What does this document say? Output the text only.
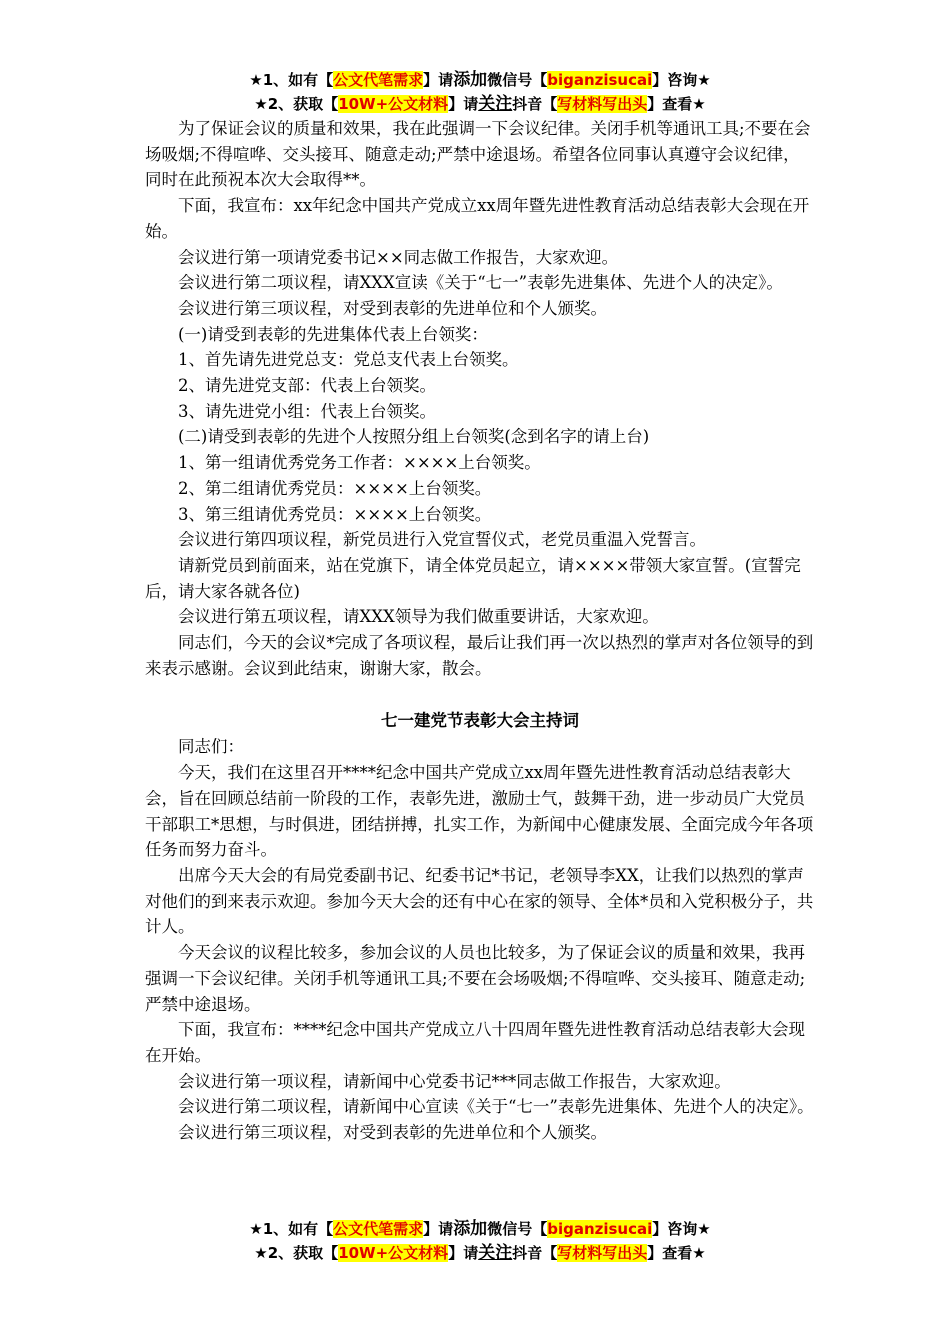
★1、如有【公文代笔需求】请添加微信号【biganzisucai】咨询★
★2、获取【10W+公文材料】请关注抖音【写材料写出头】查看★

为了保证会议的质量和效果，我在此强调一下会议纪律。关闭手机等通讯工具;不要在会场吸烟;不得喧哗、交头接耳、随意走动;严禁中途退场。希望各位同事认真遵守会议纪律，同时在此预祝本次大会取得**。

下面，我宣布：xx年纪念中国共产党成立xx周年暨先进性教育活动总结表彰大会现在开始。

会议进行第一项请党委书记××同志做工作报告，大家欢迎。

会议进行第二项议程，请XXX宣读《关于“七一”表彰先进集体、先进个人的决定》。

会议进行第三项议程，对受到表彰的先进单位和个人颁奖。

(一)请受到表彰的先进集体代表上台领奖：

1、首先请先进党总支：党总支代表上台领奖。

2、请先进党支部：代表上台领奖。

3、请先进党小组：代表上台领奖。

(二)请受到表彰的先进个人按照分组上台领奖(念到名字的请上台)

1、第一组请优秀党务工作者：××××上台领奖。

2、第二组请优秀党员：××××上台领奖。

3、第三组请优秀党员：××××上台领奖。

会议进行第四项议程，新党员进行入党宣誓仪式，老党员重温入党誓言。

请新党员到前面来，站在党旗下，请全体党员起立，请××××带领大家宣誓。(宣誓完后，请大家各就各位)

会议进行第五项议程，请XXX领导为我们做重要讲话，大家欢迎。

同志们，今天的会议*完成了各项议程，最后让我们再一次以热烈的掌声对各位领导的到来表示感谢。会议到此结束，谢谢大家，散会。

七一建党节表彰大会主持词

同志们：

今天，我们在这里召开****纪念中国共产党成立xx周年暨先进性教育活动总结表彰大会，旨在回顾总结前一阶段的工作，表彰先进，激励士气，鼓舞干劲，进一步动员广大党员干部职工*思想，与时俱进，团结拼搏，扎实工作，为新闻中心健康发展、全面完成今年各项任务而努力奋斗。

出席今天大会的有局党委副书记、纪委书记*书记，老领导李XX，让我们以热烈的掌声对他们的到来表示欢迎。参加今天大会的还有中心在家的领导、全体*员和入党积极分子，共计人。

今天会议的议程比较多，参加会议的人员也比较多，为了保证会议的质量和效果，我再强调一下会议纪律。关闭手机等通讯工具;不要在会场吸烟;不得喧哗、交头接耳、随意走动;严禁中途退场。

下面，我宣布：****纪念中国共产党成立八十四周年暨先进性教育活动总结表彰大会现在开始。

会议进行第一项议程，请新闻中心党委书记***同志做工作报告，大家欢迎。

会议进行第二项议程，请新闻中心宣读《关于“七一”表彰先进集体、先进个人的决定》。

会议进行第三项议程，对受到表彰的先进单位和个人颁奖。

★1、如有【公文代笔需求】请添加微信号【biganzisucai】咨询★
★2、获取【10W+公文材料】请关注抖音【写材料写出头】查看★
